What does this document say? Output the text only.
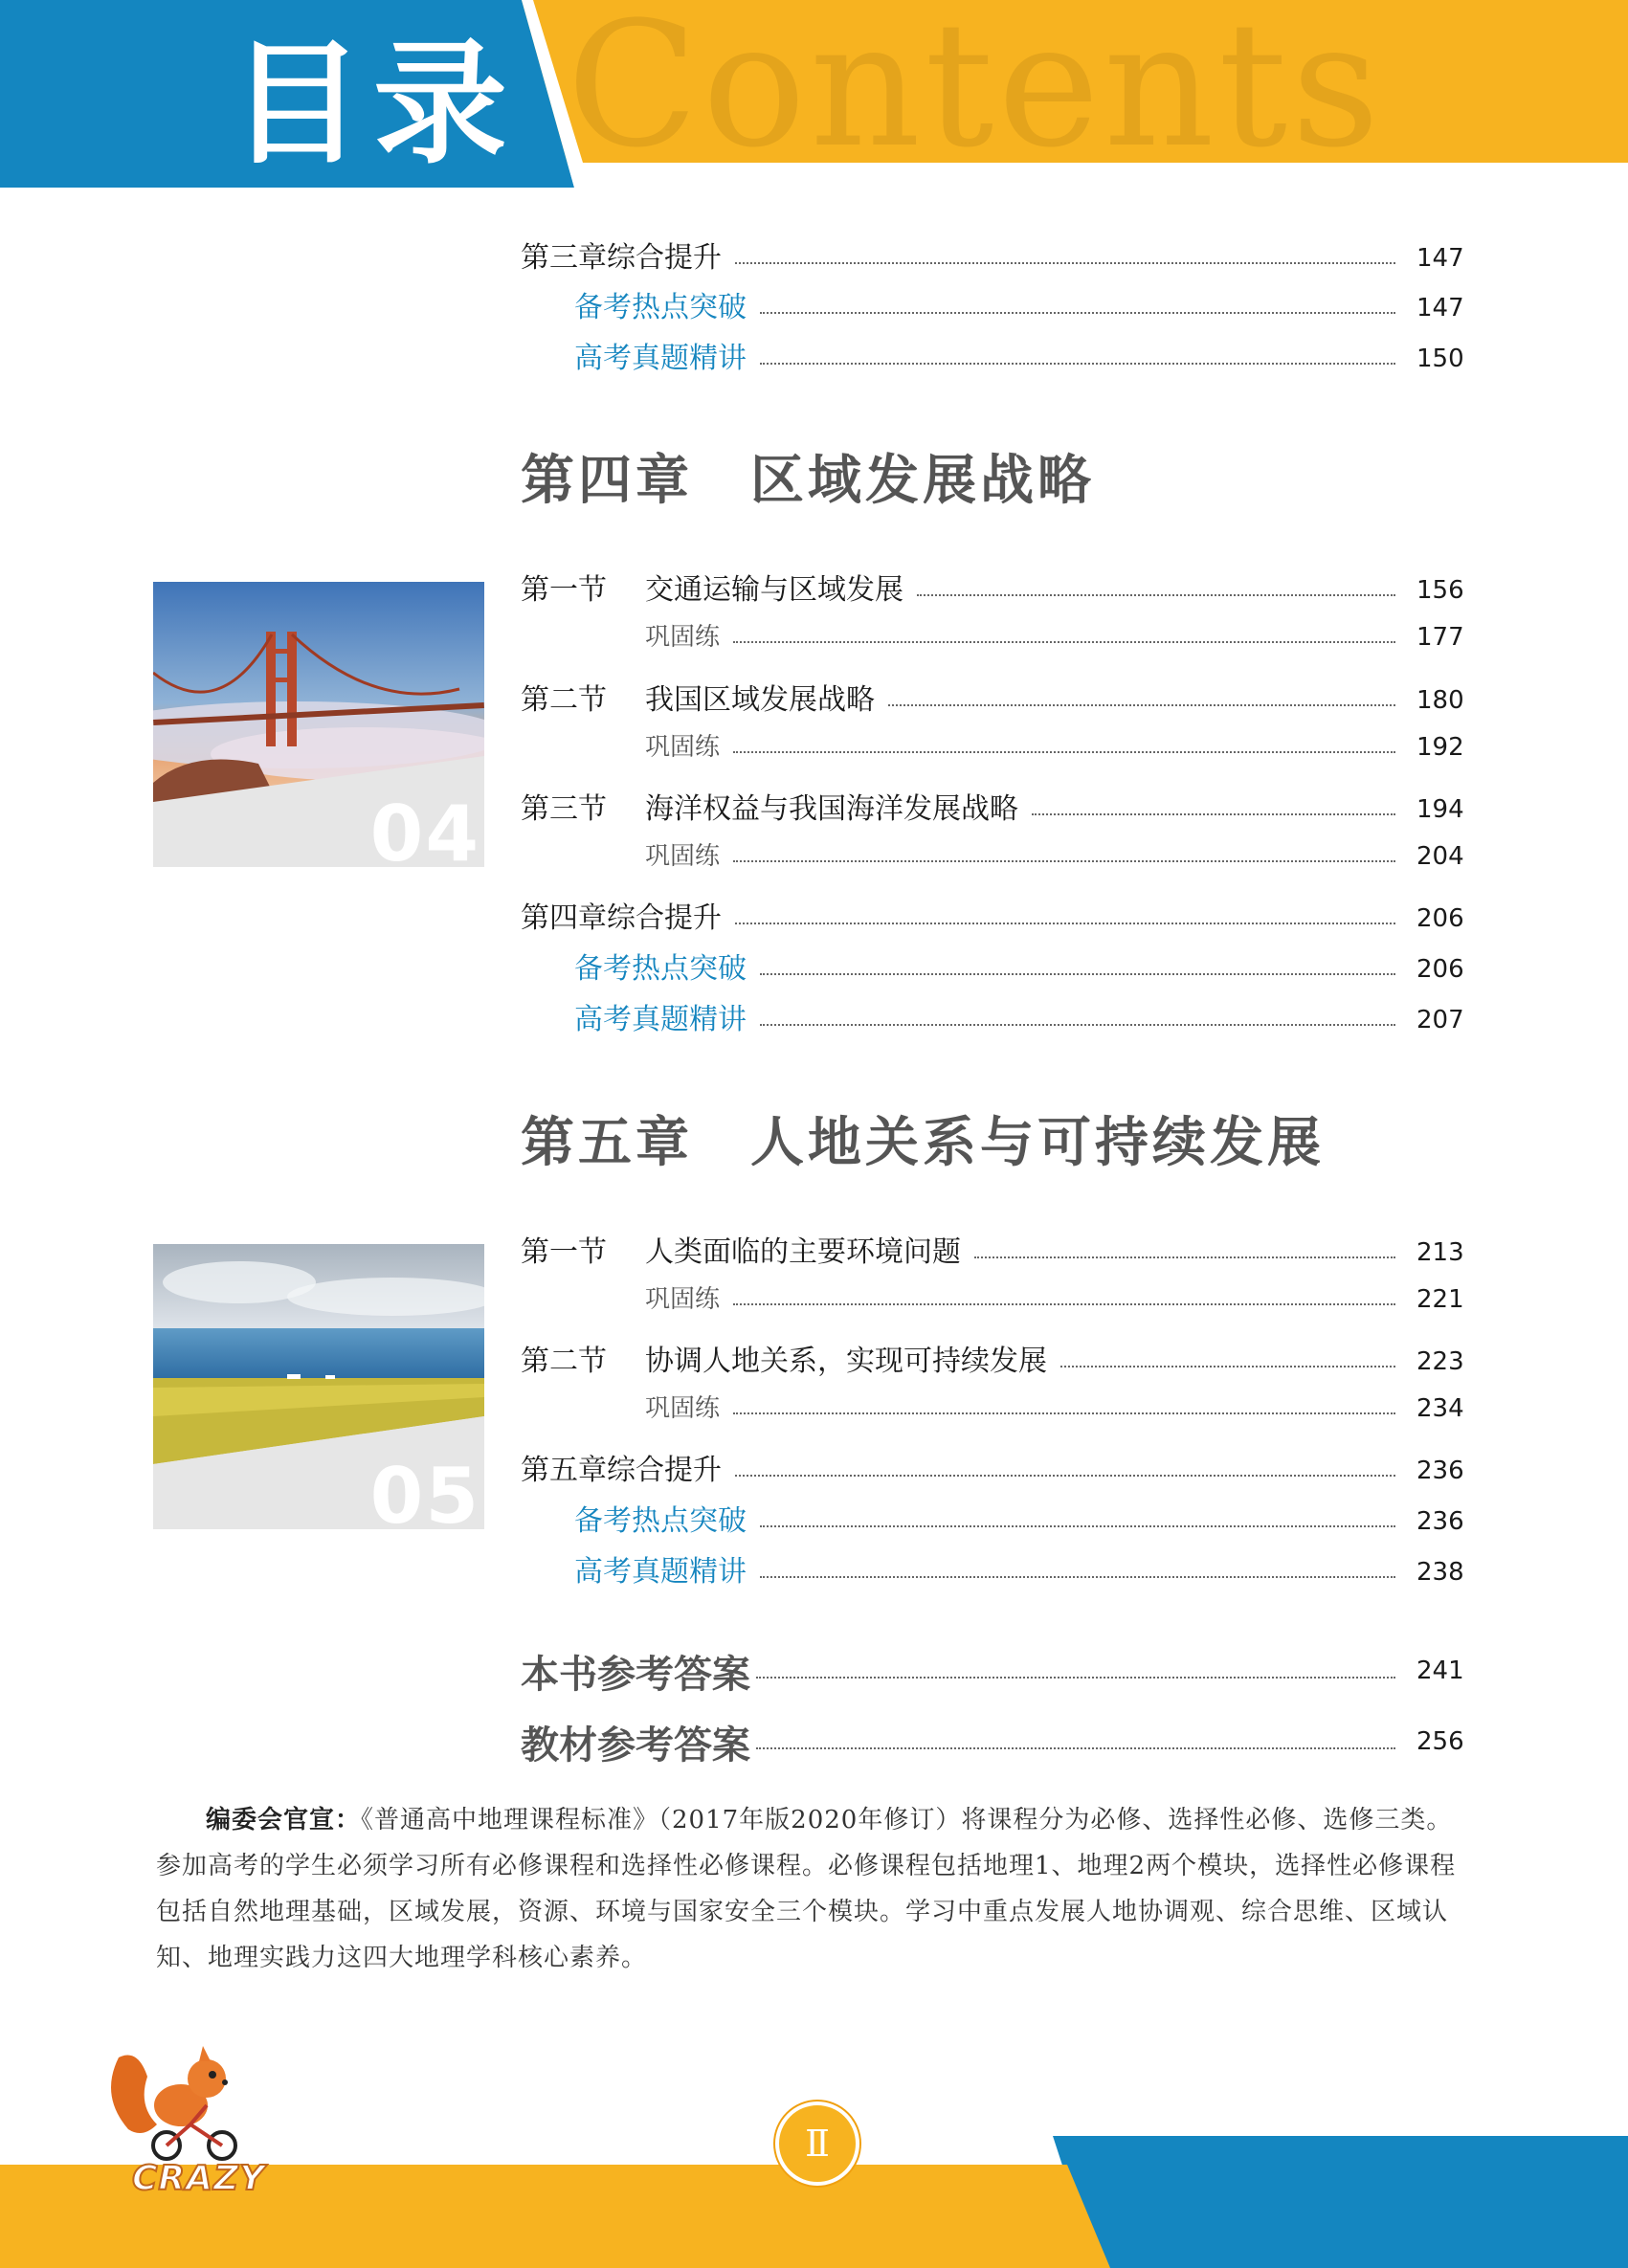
Contents
目录
第三章综合提升	147
备考热点突破	147
高考真题精讲	150
第四章　区域发展战略
04
第一节 交通运输与区域发展	156
巩固练	177
第二节 我国区域发展战略	180
巩固练	192
第三节 海洋权益与我国海洋发展战略	194
巩固练	204
第四章综合提升	206
备考热点突破	206
高考真题精讲	207
第五章　人地关系与可持续发展
05
第一节 人类面临的主要环境问题	213
巩固练	221
第二节 协调人地关系，实现可持续发展	223
巩固练	234
第五章综合提升	236
备考热点突破	236
高考真题精讲	238
本书参考答案	241
教材参考答案	256
编委会官宣：《普通高中地理课程标准》（2017年版2020年修订）将课程分为必修、选择性必修、选修三类。参加高考的学生必须学习所有必修课程和选择性必修课程。必修课程包括地理1、地理2两个模块，选择性必修课程包括自然地理基础，区域发展，资源、环境与国家安全三个模块。学习中重点发展人地协调观、综合思维、区域认知、地理实践力这四大地理学科核心素养。
Ⅱ
CRAZY
